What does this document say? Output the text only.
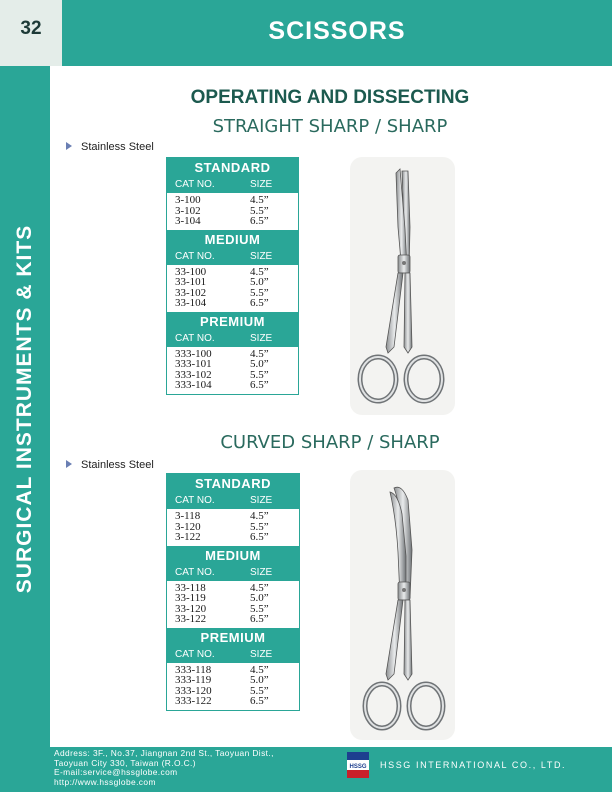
32	SCISSORS
SURGICAL INSTRUMENTS & KITS
OPERATING AND DISSECTING
STRAIGHT SHARP / SHARP
Stainless Steel
CURVED SHARP / SHARP
Stainless Steel
STANDARD
CAT NO.	SIZE
3-100	4.5”
3-102	5.5”
3-104	6.5”
MEDIUM
CAT NO.	SIZE
33-100	4.5”
33-101	5.0”
33-102	5.5”
33-104	6.5”
PREMIUM
CAT NO.	SIZE
333-100	4.5”
333-101	5.0”
333-102	5.5”
333-104	6.5”
STANDARD
CAT NO.	SIZE
3-118	4.5”
3-120	5.5”
3-122	6.5”
MEDIUM
CAT NO.	SIZE
33-118	4.5”
33-119	5.0”
33-120	5.5”
33-122	6.5”
PREMIUM
CAT NO.	SIZE
333-118	4.5”
333-119	5.0”
333-120	5.5”
333-122	6.5”
Address: 3F., No.37, Jiangnan 2nd St., Taoyuan Dist.,
Taoyuan City 330, Taiwan (R.O.C.)
E-mail:service@hssglobe.com
http://www.hssglobe.com
HSSG HSSG INTERNATIONAL CO., LTD.
